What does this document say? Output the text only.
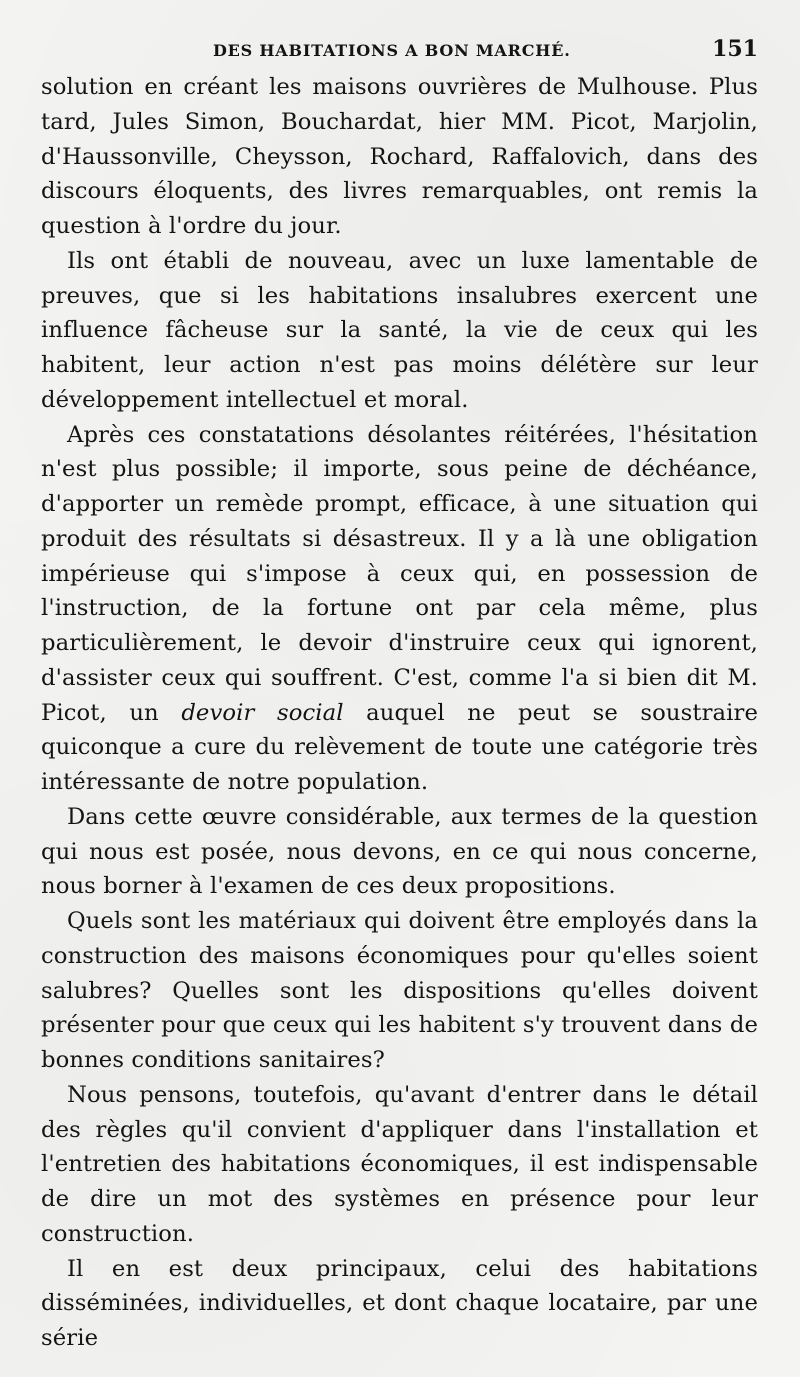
DES HABITATIONS A BON MARCHÉ.	151

solution en créant les maisons ouvrières de Mulhouse. Plus tard, Jules Simon, Bouchardat, hier MM. Picot, Marjolin, d'Haussonville, Cheysson, Rochard, Raffalovich, dans des discours éloquents, des livres remarquables, ont remis la question à l'ordre du jour.

Ils ont établi de nouveau, avec un luxe lamentable de preuves, que si les habitations insalubres exercent une influence fâcheuse sur la santé, la vie de ceux qui les habitent, leur action n'est pas moins délétère sur leur développement intellectuel et moral.

Après ces constatations désolantes réitérées, l'hésitation n'est plus possible; il importe, sous peine de déchéance, d'apporter un remède prompt, efficace, à une situation qui produit des résultats si désastreux. Il y a là une obligation impérieuse qui s'impose à ceux qui, en possession de l'instruction, de la fortune ont par cela même, plus particulièrement, le devoir d'instruire ceux qui ignorent, d'assister ceux qui souffrent. C'est, comme l'a si bien dit M. Picot, un devoir social auquel ne peut se soustraire quiconque a cure du relèvement de toute une catégorie très intéressante de notre population.

Dans cette œuvre considérable, aux termes de la question qui nous est posée, nous devons, en ce qui nous concerne, nous borner à l'examen de ces deux propositions.

Quels sont les matériaux qui doivent être employés dans la construction des maisons économiques pour qu'elles soient salubres? Quelles sont les dispositions qu'elles doivent présenter pour que ceux qui les habitent s'y trouvent dans de bonnes conditions sanitaires?

Nous pensons, toutefois, qu'avant d'entrer dans le détail des règles qu'il convient d'appliquer dans l'installation et l'entretien des habitations économiques, il est indispensable de dire un mot des systèmes en présence pour leur construction.

Il en est deux principaux, celui des habitations disséminées, individuelles, et dont chaque locataire, par une série
